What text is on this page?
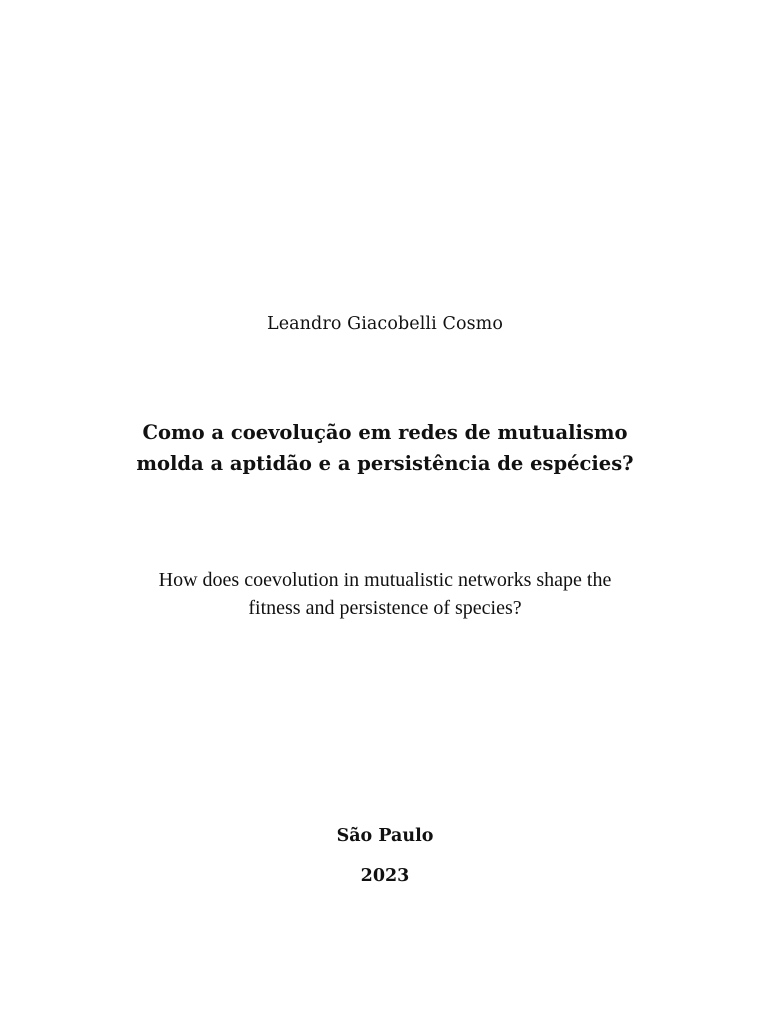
Leandro Giacobelli Cosmo
Como a coevolução em redes de mutualismo
molda a aptidão e a persistência de espécies?
How does coevolution in mutualistic networks shape the
fitness and persistence of species?
São Paulo
2023
